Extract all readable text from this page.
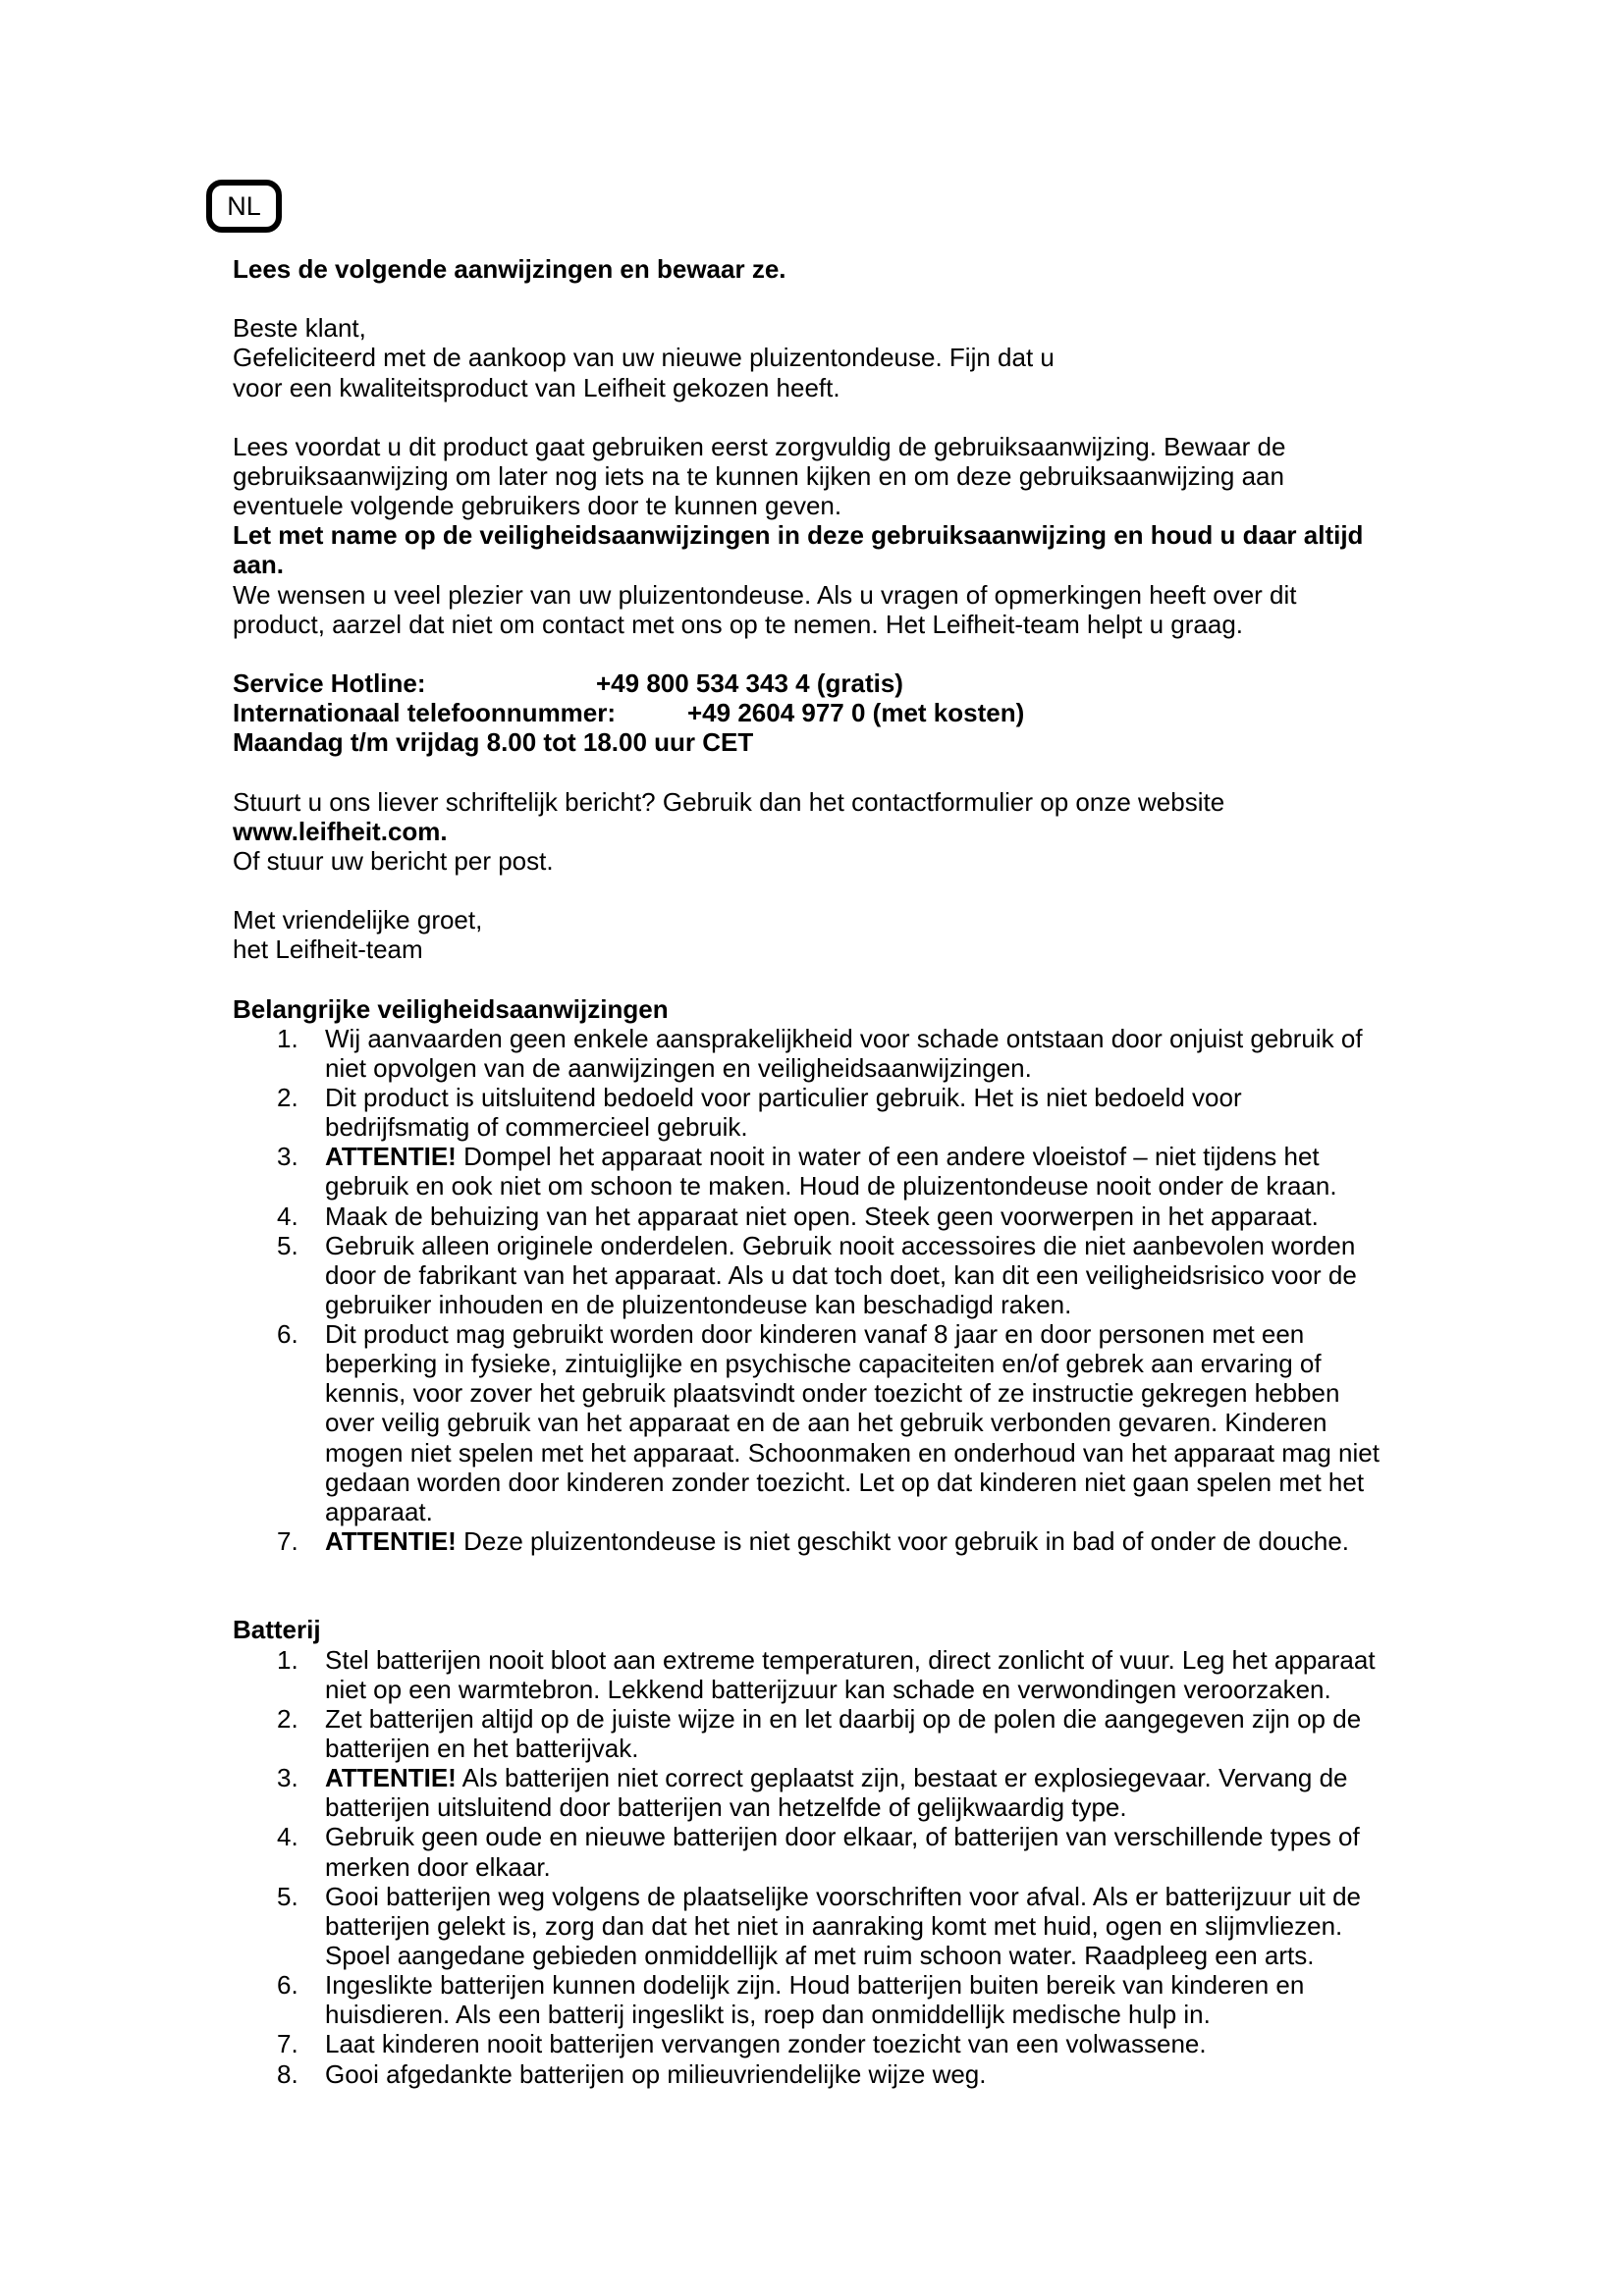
NL
Lees de volgende aanwijzingen en bewaar ze.
Beste klant,
Gefeliciteerd met de aankoop van uw nieuwe pluizentondeuse. Fijn dat u
voor een kwaliteitsproduct van Leifheit gekozen heeft.
Lees voordat u dit product gaat gebruiken eerst zorgvuldig de gebruiksaanwijzing. Bewaar de
gebruiksaanwijzing om later nog iets na te kunnen kijken en om deze gebruiksaanwijzing aan
eventuele volgende gebruikers door te kunnen geven.
Let met name op de veiligheidsaanwijzingen in deze gebruiksaanwijzing en houd u daar altijd
aan.
We wensen u veel plezier van uw pluizentondeuse. Als u vragen of opmerkingen heeft over dit
product, aarzel dat niet om contact met ons op te nemen. Het Leifheit-team helpt u graag.
Service Hotline:	+49 800 534 343 4 (gratis)
Internationaal telefoonnummer:	+49 2604 977 0 (met kosten)
Maandag t/m vrijdag 8.00 tot 18.00 uur CET
Stuurt u ons liever schriftelijk bericht? Gebruik dan het contactformulier op onze website
www.leifheit.com.
Of stuur uw bericht per post.
Met vriendelijke groet,
het Leifheit-team
Belangrijke veiligheidsaanwijzingen
1. Wij aanvaarden geen enkele aansprakelijkheid voor schade ontstaan door onjuist gebruik of
niet opvolgen van de aanwijzingen en veiligheidsaanwijzingen.
2. Dit product is uitsluitend bedoeld voor particulier gebruik. Het is niet bedoeld voor
bedrijfsmatig of commercieel gebruik.
3. ATTENTIE! Dompel het apparaat nooit in water of een andere vloeistof – niet tijdens het
gebruik en ook niet om schoon te maken. Houd de pluizentondeuse nooit onder de kraan.
4. Maak de behuizing van het apparaat niet open. Steek geen voorwerpen in het apparaat.
5. Gebruik alleen originele onderdelen. Gebruik nooit accessoires die niet aanbevolen worden
door de fabrikant van het apparaat. Als u dat toch doet, kan dit een veiligheidsrisico voor de
gebruiker inhouden en de pluizentondeuse kan beschadigd raken.
6. Dit product mag gebruikt worden door kinderen vanaf 8 jaar en door personen met een
beperking in fysieke, zintuiglijke en psychische capaciteiten en/of gebrek aan ervaring of
kennis, voor zover het gebruik plaatsvindt onder toezicht of ze instructie gekregen hebben
over veilig gebruik van het apparaat en de aan het gebruik verbonden gevaren. Kinderen
mogen niet spelen met het apparaat. Schoonmaken en onderhoud van het apparaat mag niet
gedaan worden door kinderen zonder toezicht. Let op dat kinderen niet gaan spelen met het
apparaat.
7. ATTENTIE! Deze pluizentondeuse is niet geschikt voor gebruik in bad of onder de douche.
Batterij
1. Stel batterijen nooit bloot aan extreme temperaturen, direct zonlicht of vuur. Leg het apparaat
niet op een warmtebron. Lekkend batterijzuur kan schade en verwondingen veroorzaken.
2. Zet batterijen altijd op de juiste wijze in en let daarbij op de polen die aangegeven zijn op de
batterijen en het batterijvak.
3. ATTENTIE! Als batterijen niet correct geplaatst zijn, bestaat er explosiegevaar. Vervang de
batterijen uitsluitend door batterijen van hetzelfde of gelijkwaardig type.
4. Gebruik geen oude en nieuwe batterijen door elkaar, of batterijen van verschillende types of
merken door elkaar.
5. Gooi batterijen weg volgens de plaatselijke voorschriften voor afval. Als er batterijzuur uit de
batterijen gelekt is, zorg dan dat het niet in aanraking komt met huid, ogen en slijmvliezen.
Spoel aangedane gebieden onmiddellijk af met ruim schoon water. Raadpleeg een arts.
6. Ingeslikte batterijen kunnen dodelijk zijn. Houd batterijen buiten bereik van kinderen en
huisdieren. Als een batterij ingeslikt is, roep dan onmiddellijk medische hulp in.
7. Laat kinderen nooit batterijen vervangen zonder toezicht van een volwassene.
8. Gooi afgedankte batterijen op milieuvriendelijke wijze weg.
